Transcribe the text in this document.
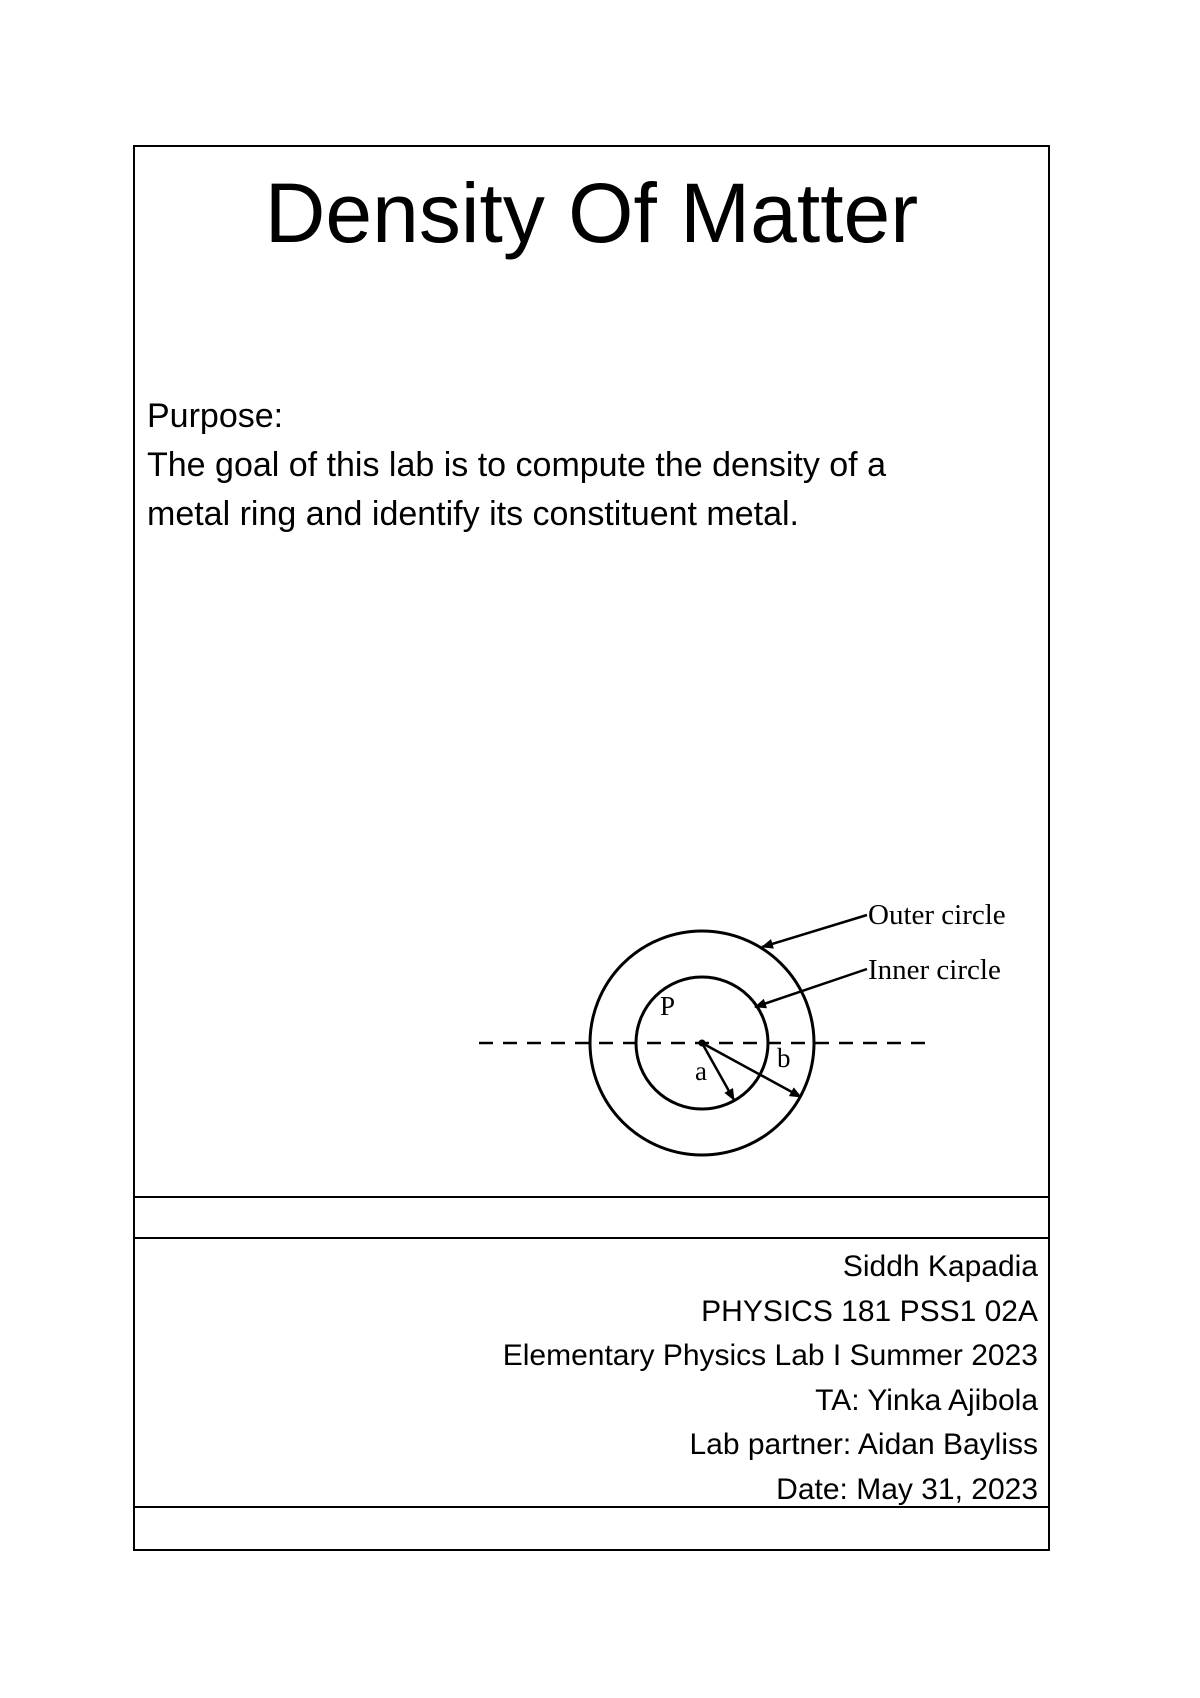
Density Of Matter
Purpose:
The goal of this lab is to compute the density of a
metal ring and identify its constituent metal.
Outer circle
Inner circle
P
a	b
Siddh Kapadia
PHYSICS 181 PSS1 02A
Elementary Physics Lab I Summer 2023
TA: Yinka Ajibola
Lab partner: Aidan Bayliss
Date: May 31, 2023
